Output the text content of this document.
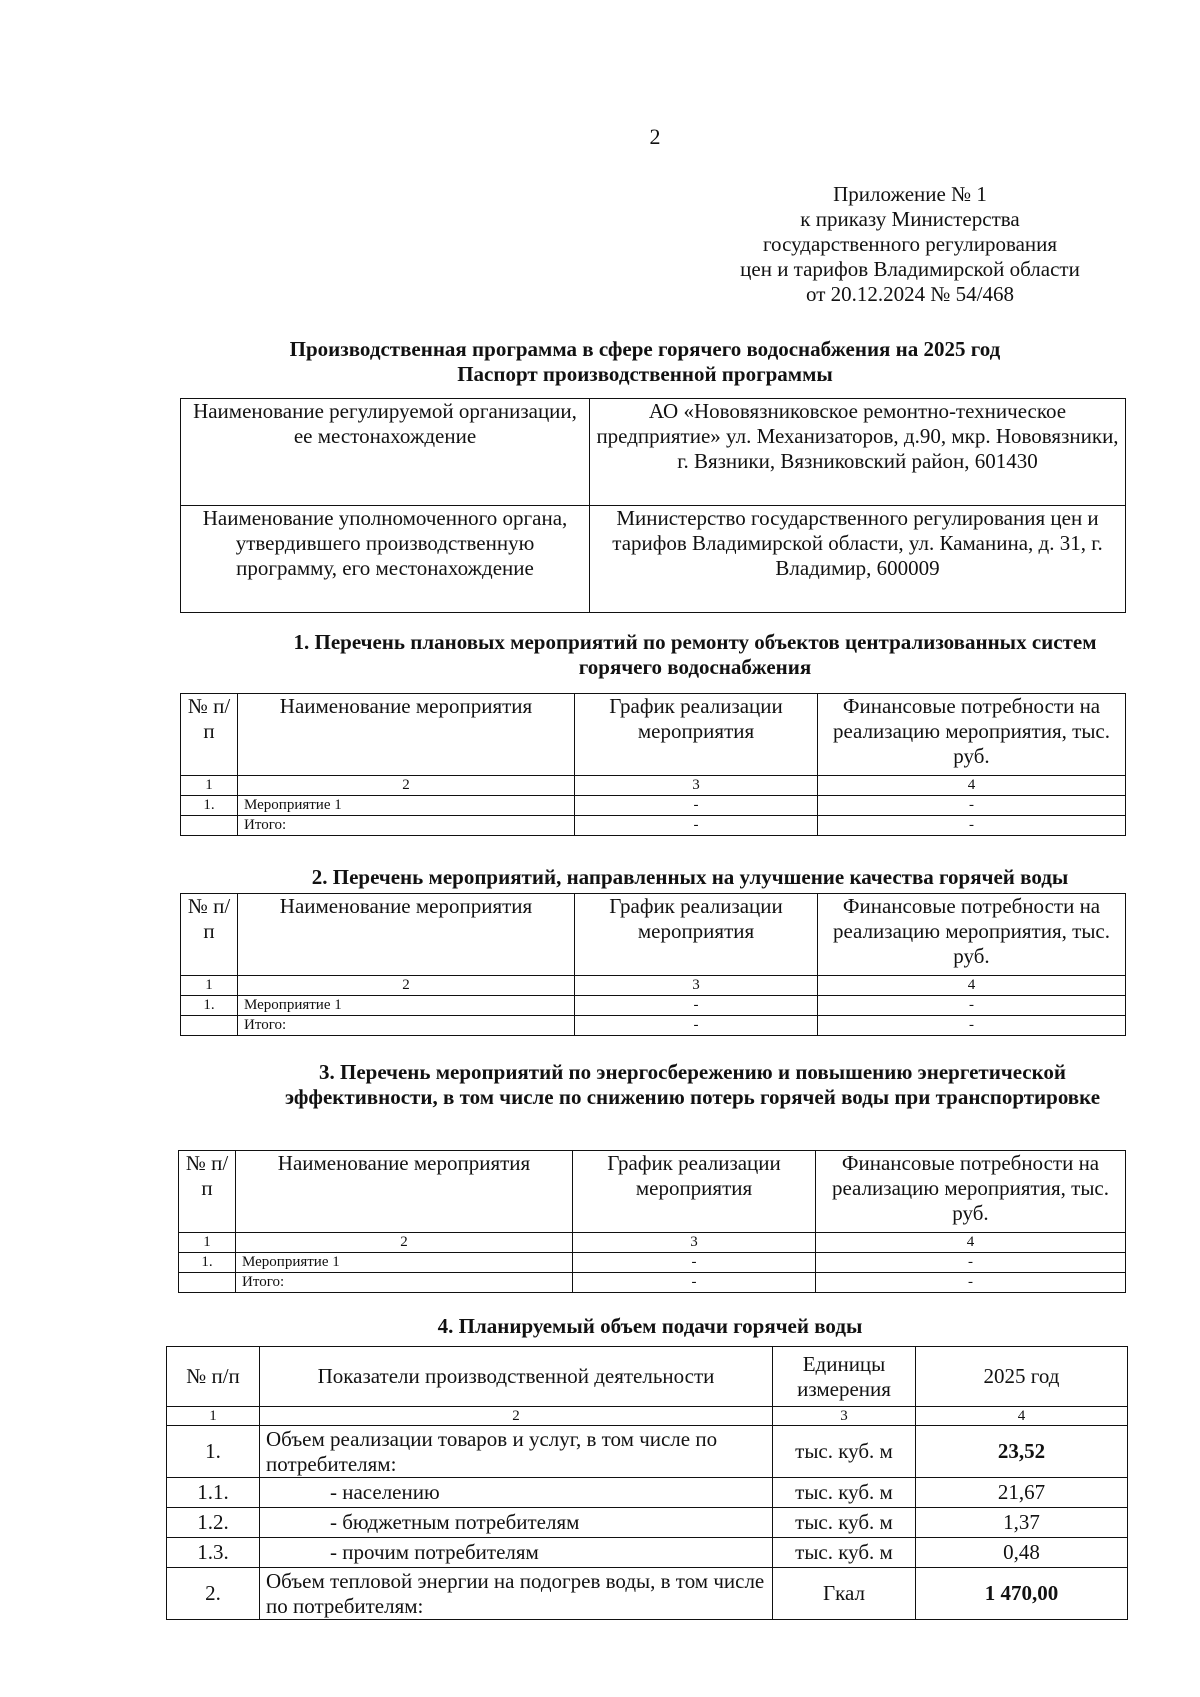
2
Приложение № 1
к приказу Министерства
государственного регулирования
цен и тарифов Владимирской области
от 20.12.2024 № 54/468
Производственная программа в сфере горячего водоснабжения на 2025 год
Паспорт производственной программы
Наименование регулируемой организации, ее местонахождение	АО «Нововязниковское ремонтно-техническое предприятие» ул. Механизаторов, д.90, мкр. Нововязники, г. Вязники, Вязниковский район, 601430
Наименование уполномоченного органа, утвердившего производственную программу, его местонахождение	Министерство государственного регулирования цен и тарифов Владимирской области, ул. Каманина, д. 31, г. Владимир, 600009
1. Перечень плановых мероприятий по ремонту объектов централизованных систем горячего водоснабжения
№ п/п	Наименование мероприятия	График реализации мероприятия	Финансовые потребности на реализацию мероприятия, тыс. руб.
1	2	3	4
1.	Мероприятие 1	-	-
	Итого:	-	-
2. Перечень мероприятий, направленных на улучшение качества горячей воды
№ п/п	Наименование мероприятия	График реализации мероприятия	Финансовые потребности на реализацию мероприятия, тыс. руб.
1	2	3	4
1.	Мероприятие 1	-	-
	Итого:	-	-
3. Перечень мероприятий по энергосбережению и повышению энергетической эффективности, в том числе по снижению потерь горячей воды при транспортировке
№ п/п	Наименование мероприятия	График реализации мероприятия	Финансовые потребности на реализацию мероприятия, тыс. руб.
1	2	3	4
1.	Мероприятие 1	-	-
	Итого:	-	-
4. Планируемый объем подачи горячей воды
№ п/п	Показатели производственной деятельности	Единицы измерения	2025 год
1	2	3	4
1.	Объем реализации товаров и услуг, в том числе по потребителям:	тыс. куб. м	23,52
1.1.	- населению	тыс. куб. м	21,67
1.2.	- бюджетным потребителям	тыс. куб. м	1,37
1.3.	- прочим потребителям	тыс. куб. м	0,48
2.	Объем тепловой энергии на подогрев воды, в том числе по потребителям:	Гкал	1 470,00
